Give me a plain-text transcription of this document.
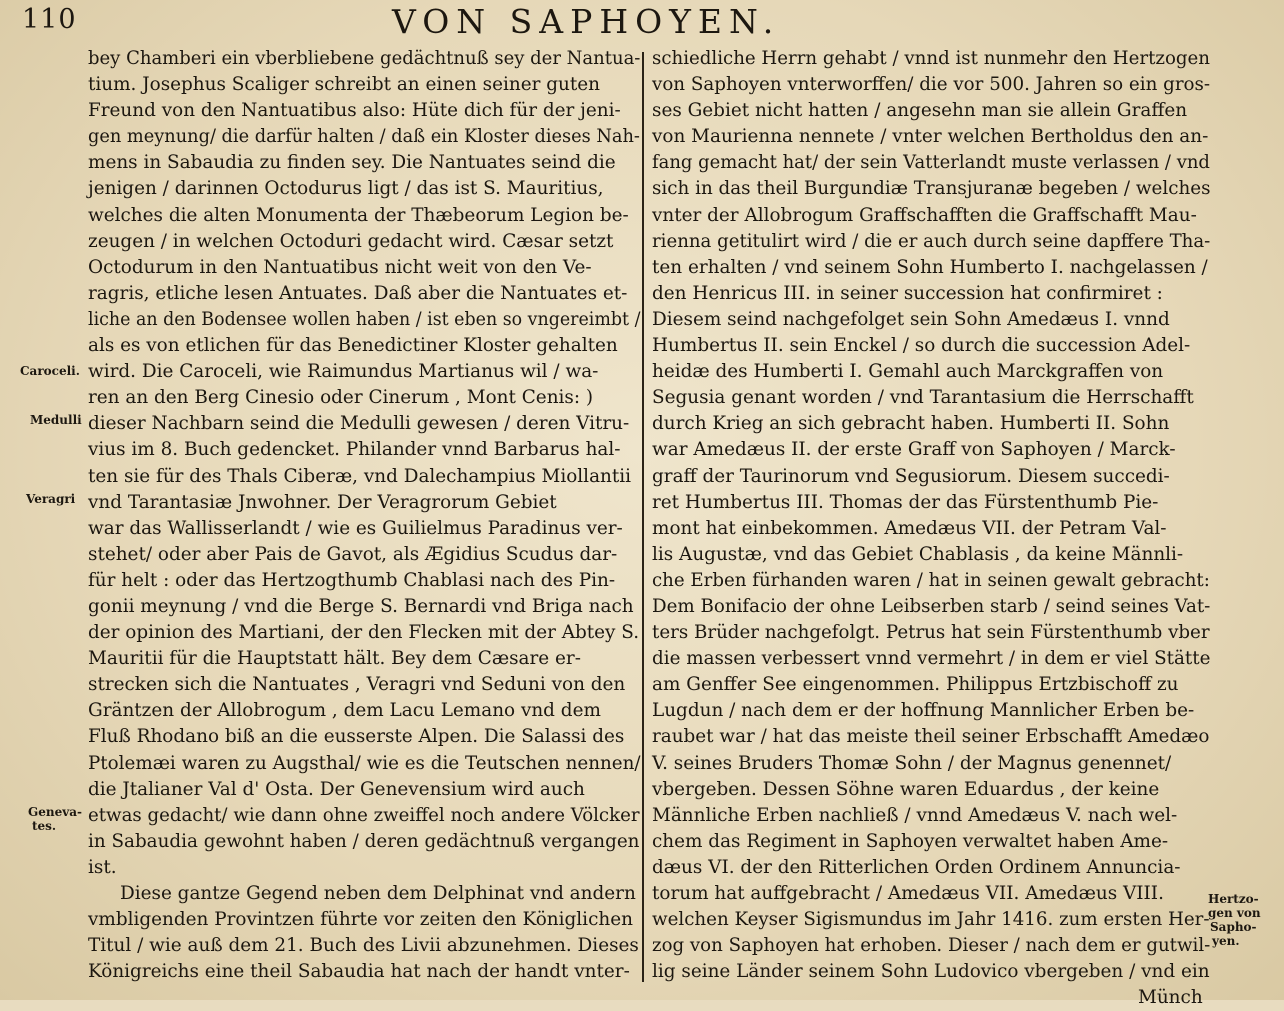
110	VON SAPHOYEN.
Caroceli.
Medulli
Veragri
Geneva-
tes.
Hertzo-
gen von
Sapho-
yen.
bey Chamberi ein vberbliebene gedächtnuß sey der Nantua-
tium. Josephus Scaliger schreibt an einen seiner guten
Freund von den Nantuatibus also: Hüte dich für der jeni-
gen meynung/ die darfür halten / daß ein Kloster dieses Nah-
mens in Sabaudia zu finden sey. Die Nantuates seind die
jenigen / darinnen Octodurus ligt / das ist S. Mauritius,
welches die alten Monumenta der Thæbeorum Legion be-
zeugen / in welchen Octoduri gedacht wird. Cæsar setzt
Octodurum in den Nantuatibus nicht weit von den Ve-
ragris, etliche lesen Antuates. Daß aber die Nantuates et-
liche an den Bodensee wollen haben / ist eben so vngereimbt /
als es von etlichen für das Benedictiner Kloster gehalten
wird. Die Caroceli, wie Raimundus Martianus wil / wa-
ren an den Berg Cinesio oder Cinerum , Mont Cenis: )
dieser Nachbarn seind die Medulli gewesen / deren Vitru-
vius im 8. Buch gedencket. Philander vnnd Barbarus hal-
ten sie für des Thals Ciberæ, vnd Dalechampius Miollantii
vnd Tarantasiæ Jnwohner. Der Veragrorum Gebiet
war das Wallisserlandt / wie es Guilielmus Paradinus ver-
stehet/ oder aber Pais de Gavot, als Ægidius Scudus dar-
für helt : oder das Hertzogthumb Chablasi nach des Pin-
gonii meynung / vnd die Berge S. Bernardi vnd Briga nach
der opinion des Martiani, der den Flecken mit der Abtey S.
Mauritii für die Hauptstatt hält. Bey dem Cæsare er-
strecken sich die Nantuates , Veragri vnd Seduni von den
Gräntzen der Allobrogum , dem Lacu Lemano vnd dem
Fluß Rhodano biß an die eusserste Alpen. Die Salassi des
Ptolemæi waren zu Augsthal/ wie es die Teutschen nennen/
die Jtalianer Val d' Osta. Der Genevensium wird auch
etwas gedacht/ wie dann ohne zweiffel noch andere Völcker
in Sabaudia gewohnt haben / deren gedächtnuß vergangen
ist.
Diese gantze Gegend neben dem Delphinat vnd andern
vmbligenden Provintzen führte vor zeiten den Königlichen
Titul / wie auß dem 21. Buch des Livii abzunehmen. Dieses
Königreichs eine theil Sabaudia hat nach der handt vnter-
schiedliche Herrn gehabt / vnnd ist nunmehr den Hertzogen
von Saphoyen vnterworffen/ die vor 500. Jahren so ein gros-
ses Gebiet nicht hatten / angesehn man sie allein Graffen
von Maurienna nennete / vnter welchen Bertholdus den an-
fang gemacht hat/ der sein Vatterlandt muste verlassen / vnd
sich in das theil Burgundiæ Transjuranæ begeben / welches
vnter der Allobrogum Graffschafften die Graffschafft Mau-
rienna getitulirt wird / die er auch durch seine dapffere Tha-
ten erhalten / vnd seinem Sohn Humberto I. nachgelassen /
den Henricus III. in seiner succession hat confirmiret :
Diesem seind nachgefolget sein Sohn Amedæus I. vnnd
Humbertus II. sein Enckel / so durch die succession Adel-
heidæ des Humberti I. Gemahl auch Marckgraffen von
Segusia genant worden / vnd Tarantasium die Herrschafft
durch Krieg an sich gebracht haben. Humberti II. Sohn
war Amedæus II. der erste Graff von Saphoyen / Marck-
graff der Taurinorum vnd Segusiorum. Diesem succedi-
ret Humbertus III. Thomas der das Fürstenthumb Pie-
mont hat einbekommen. Amedæus VII. der Petram Val-
lis Augustæ, vnd das Gebiet Chablasis , da keine Männli-
che Erben fürhanden waren / hat in seinen gewalt gebracht:
Dem Bonifacio der ohne Leibserben starb / seind seines Vat-
ters Brüder nachgefolgt. Petrus hat sein Fürstenthumb vber
die massen verbessert vnnd vermehrt / in dem er viel Stätte
am Genffer See eingenommen. Philippus Ertzbischoff zu
Lugdun / nach dem er der hoffnung Mannlicher Erben be-
raubet war / hat das meiste theil seiner Erbschafft Amedæo
V. seines Bruders Thomæ Sohn / der Magnus genennet/
vbergeben. Dessen Söhne waren Eduardus , der keine
Männliche Erben nachließ / vnnd Amedæus V. nach wel-
chem das Regiment in Saphoyen verwaltet haben Ame-
dæus VI. der den Ritterlichen Orden Ordinem Annuncia-
torum hat auffgebracht / Amedæus VII. Amedæus VIII.
welchen Keyser Sigismundus im Jahr 1416. zum ersten Her-
zog von Saphoyen hat erhoben. Dieser / nach dem er gutwil-
lig seine Länder seinem Sohn Ludovico vbergeben / vnd ein
Münch
